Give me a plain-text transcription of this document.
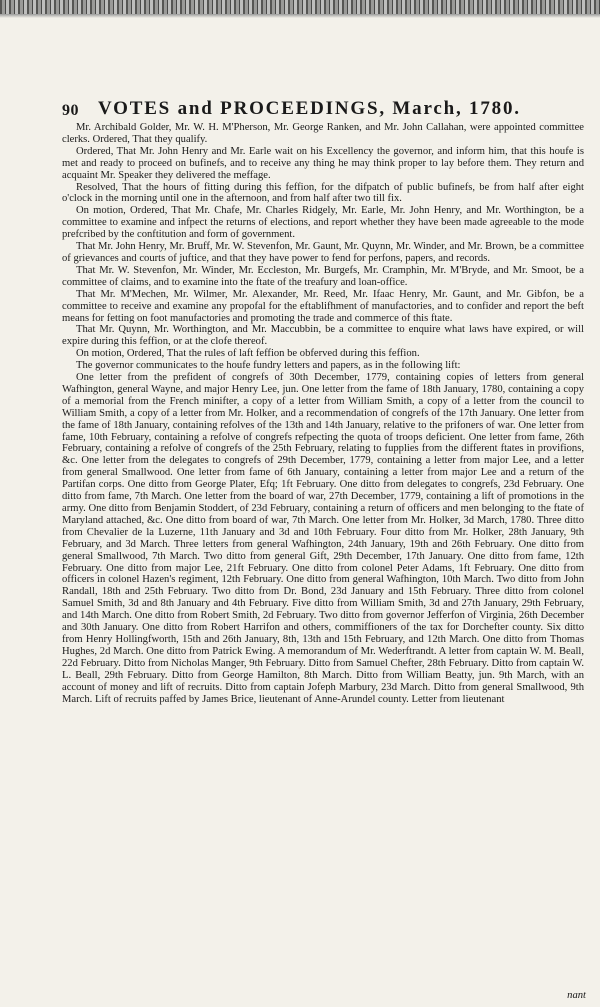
90 VOTES and PROCEEDINGS, March, 1780.

Mr. Archibald Golder, Mr. W. H. M'Pherson, Mr. George Ranken, and Mr. John Callahan, were appointed committee clerks. Ordered, That they qualify.

Ordered, That Mr. John Henry and Mr. Earle wait on his Excellency the governor, and inform him, that this houfe is met and ready to proceed on bufinefs, and to receive any thing he may think proper to lay before them. They return and acquaint Mr. Speaker they delivered the meffage.

Resolved, That the hours of fitting during this feffion, for the difpatch of public bufinefs, be from half after eight o'clock in the morning until one in the afternoon, and from half after two till fix.

On motion, Ordered, That Mr. Chafe, Mr. Charles Ridgely, Mr. Earle, Mr. John Henry, and Mr. Worthington, be a committee to examine and infpect the returns of elections, and report whether they have been made agreeable to the mode prefcribed by the conftitution and form of government.

That Mr. John Henry, Mr. Bruff, Mr. W. Stevenfon, Mr. Gaunt, Mr. Quynn, Mr. Winder, and Mr. Brown, be a committee of grievances and courts of juftice, and that they have power to fend for perfons, papers, and records.

That Mr. W. Stevenfon, Mr. Winder, Mr. Eccleston, Mr. Burgefs, Mr. Cramphin, Mr. M'Bryde, and Mr. Smoot, be a committee of claims, and to examine into the ftate of the treafury and loan-office.

That Mr. M'Mechen, Mr. Wilmer, Mr. Alexander, Mr. Reed, Mr. Ifaac Henry, Mr. Gaunt, and Mr. Gibfon, be a committee to receive and examine any propofal for the eftablifhment of manufactories, and to confider and report the beft means for fetting on foot manufactories and promoting the trade and commerce of this ftate.

That Mr. Quynn, Mr. Worthington, and Mr. Maccubbin, be a committee to enquire what laws have expired, or will expire during this feffion, or at the clofe thereof.

On motion, Ordered, That the rules of laft feffion be obferved during this feffion.

The governor communicates to the houfe fundry letters and papers, as in the following lift:

One letter from the prefident of congrefs of 30th December, 1779, containing copies of letters from general Wafhington, general Wayne, and major Henry Lee, jun. One letter from the fame of 18th January, 1780, containing a copy of a memorial from the French minifter, a copy of a letter from William Smith, a copy of a letter from the council to William Smith, a copy of a letter from Mr. Holker, and a recommendation of congrefs of the 17th January. One letter from the fame of 18th January, containing refolves of the 13th and 14th January, relative to the prifoners of war. One letter from fame, 10th February, containing a refolve of congrefs refpecting the quota of troops deficient. One letter from fame, 26th February, containing a refolve of congrefs of the 25th February, relating to fupplies from the different ftates in provifions, &c. One letter from the delegates to congrefs of 29th December, 1779, containing a letter from major Lee, and a letter from general Smallwood. One letter from fame of 6th January, containing a letter from major Lee and a return of the Partifan corps. One ditto from George Plater, Efq; 1ft February. One ditto from delegates to congrefs, 23d February. One ditto from fame, 7th March. One letter from the board of war, 27th December, 1779, containing a lift of promotions in the army. One ditto from Benjamin Stoddert, of 23d February, containing a return of officers and men belonging to the ftate of Maryland attached, &c. One ditto from board of war, 7th March. One letter from Mr. Holker, 3d March, 1780. Three ditto from Chevalier de la Luzerne, 11th January and 3d and 10th February. Four ditto from Mr. Holker, 28th January, 9th February, and 3d March. Three letters from general Wafhington, 24th January, 19th and 26th February. One ditto from general Smallwood, 7th March. Two ditto from general Gift, 29th December, 17th January. One ditto from fame, 12th February. One ditto from major Lee, 21ft February. One ditto from colonel Peter Adams, 1ft February. One ditto from officers in colonel Hazen's regiment, 12th February. One ditto from general Wafhington, 10th March. Two ditto from John Randall, 18th and 25th February. Two ditto from Dr. Bond, 23d January and 15th February. Three ditto from colonel Samuel Smith, 3d and 8th January and 4th February. Five ditto from William Smith, 3d and 27th January, 29th February, and 14th March. One ditto from Robert Smith, 2d February. Two ditto from governor Jefferfon of Virginia, 26th December and 30th January. One ditto from Robert Harrifon and others, commiffioners of the tax for Dorchefter county. Six ditto from Henry Hollingfworth, 15th and 26th January, 8th, 13th and 15th February, and 12th March. One ditto from Thomas Hughes, 2d March. One ditto from Patrick Ewing. A memorandum of Mr. Wederftrandt. A letter from captain W. M. Beall, 22d February. Ditto from Nicholas Manger, 9th February. Ditto from Samuel Chefter, 28th February. Ditto from captain W. L. Beall, 29th February. Ditto from George Hamilton, 8th March. Ditto from William Beatty, jun. 9th March, with an account of money and lift of recruits. Ditto from captain Jofeph Marbury, 23d March. Ditto from general Smallwood, 9th March. Lift of recruits paffed by James Brice, lieutenant of Anne-Arundel county. Letter from lieutenant

nant
